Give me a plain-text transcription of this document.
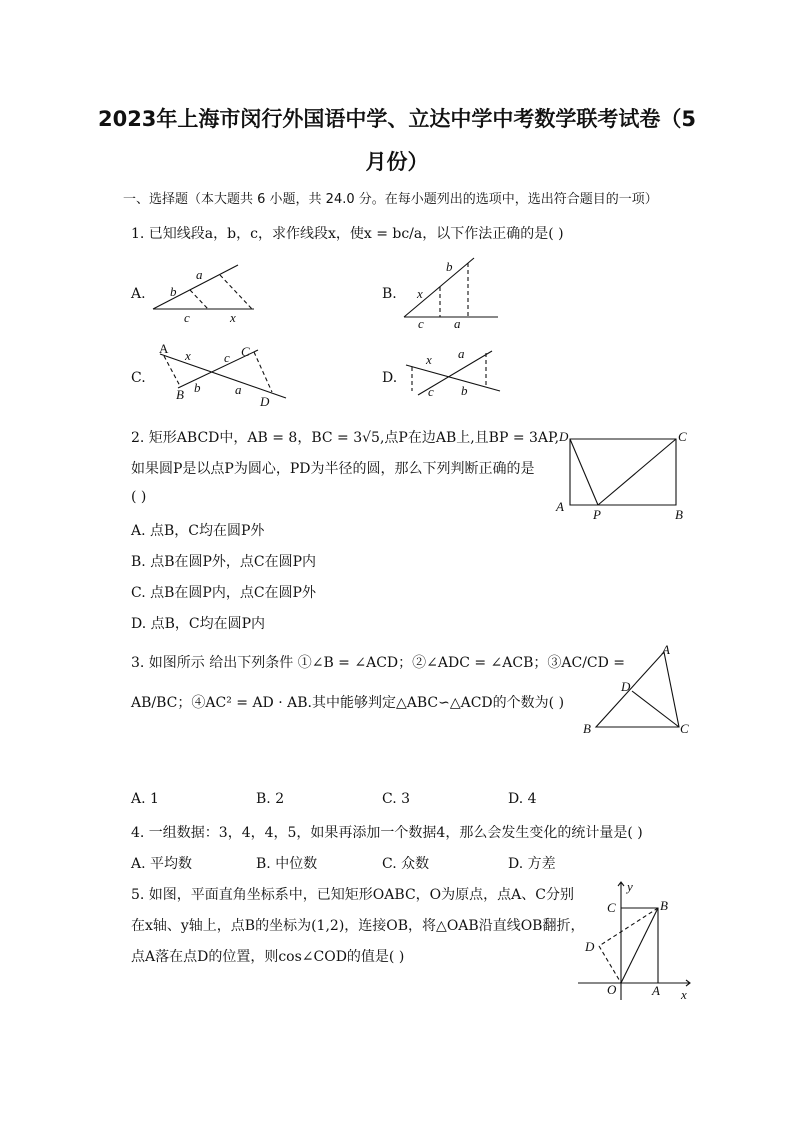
2023年上海市闵行外国语中学、立达中学中考数学联考试卷（5
月份）
一、选择题（本大题共 6 小题，共 24.0 分。在每小题列出的选项中，选出符合题目的一项）
1. 已知线段a，b，c，求作线段x，使x = bc/a，以下作法正确的是( )
A.
a
b
c	x
B.
b
x
c a
C.
A x	c C
B b	a
D
D.
x a
c b
2. 矩形ABCD中，AB = 8，BC = 3√5,点P在边AB上,且BP = 3AP,
如果圆P是以点P为圆心，PD为半径的圆，那么下列判断正确的是
( )
A. 点B，C均在圆P外
B. 点B在圆P外，点C在圆P内
C. 点B在圆P内，点C在圆P外
D. 点B，C均在圆P内
D	C
A
P	B
3. 如图所示 给出下列条件 ①∠B = ∠ACD；②∠ADC = ∠ACB；③AC/CD =
AB/BC；④AC² = AD · AB.其中能够判定△ABC∽△ACD的个数为( )
A
D
B	C
A. 1	B. 2	C. 3	D. 4
4. 一组数据：3，4，4，5，如果再添加一个数据4，那么会发生变化的统计量是( )
A. 平均数	B. 中位数	C. 众数	D. 方差
5. 如图，平面直角坐标系中，已知矩形OABC，O为原点，点A、C分别
在x轴、y轴上，点B的坐标为(1,2)，连接OB，将△OAB沿直线OB翻折，
点A落在点D的位置，则cos∠COD的值是( )
y
C	B
D
O	A x
